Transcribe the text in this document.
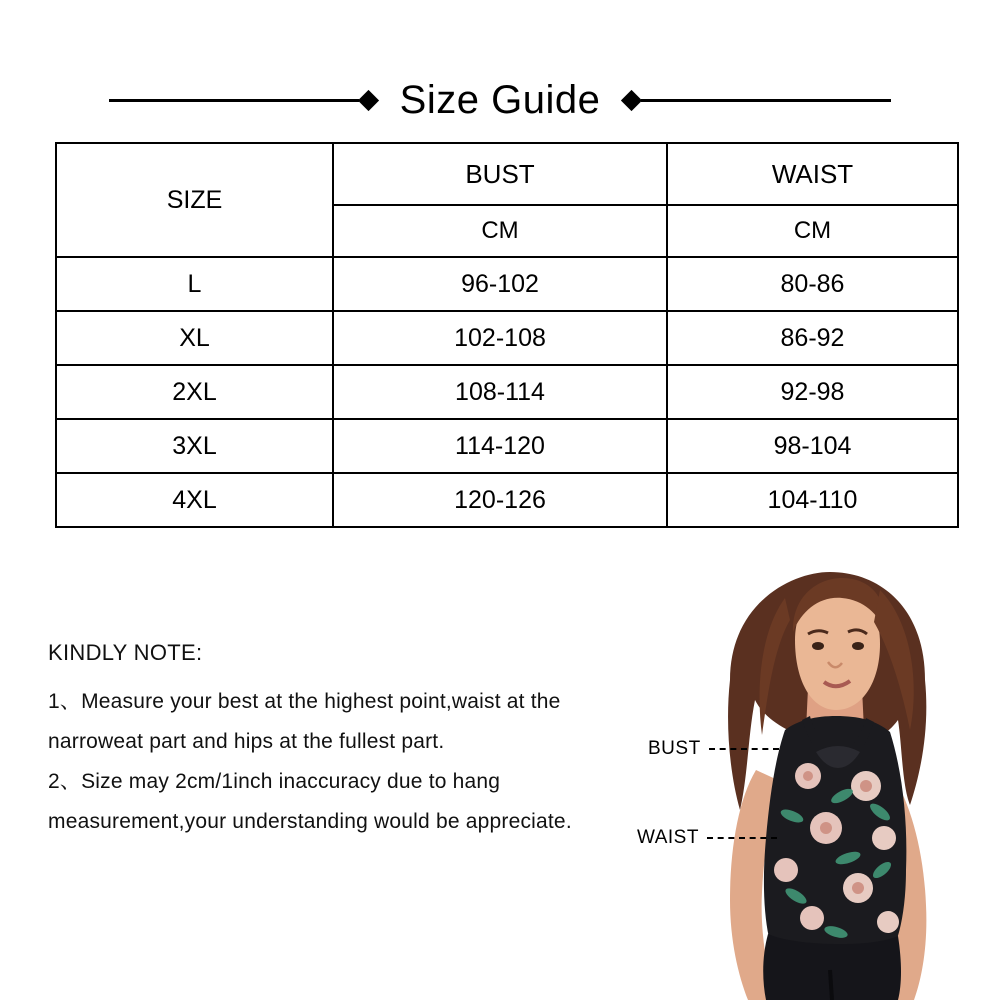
Size Guide
SIZE	BUST	WAIST
	CM	CM
L	96-102	80-86
XL	102-108	86-92
2XL	108-114	92-98
3XL	114-120	98-104
4XL	120-126	104-110
KINDLY NOTE:
1、Measure your best at the highest point,waist at the
narroweat part and hips at the fullest part.
2、Size may 2cm/1inch inaccuracy due to hang
measurement,your understanding would be appreciate.
BUST
WAIST
